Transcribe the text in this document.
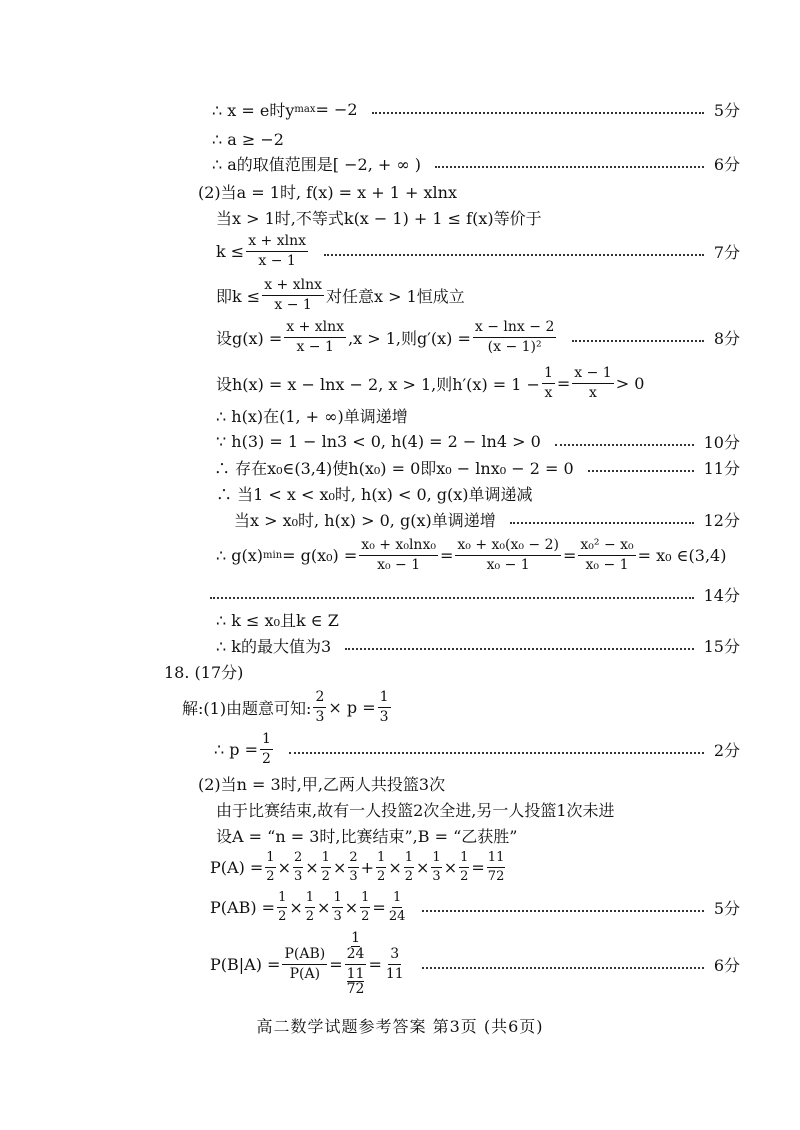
∴ x = e时y max = −2	5分
∴ a ≥ −2
∴ a的取值范围是[ −2, + ∞ )	6分
(2)当a = 1时, f(x) = x + 1 + xlnx
当x > 1时,不等式k(x − 1) + 1 ≤ f(x)等价于
$k \le \frac{x + xlnx}{x - 1}$	7分
即$k \le \frac{x + xlnx}{x - 1}$ 对任意x > 1恒成立
设$g(x) = \frac{x + xlnx}{x - 1} ,x > 1$,则$g'(x) = \frac{x - \ln x - 2}{\text{(x − 1)²}}$	8分
设h(x) = x − lnx − 2, x > 1,则$h'(x) = 1 - \frac{1}{x} = \frac{x - 1}{x} > 0$
∴ h(x)在(1, + ∞)单调递增
∵ h(3) = 1 − ln3 < 0, h(4) = 2 − ln4 > 0	10分
∴ 存在x₀∈(3,4)使h(x₀) = 0即x₀ − lnx₀ − 2 = 0	11分
∴ 当1 < x < x₀时, h(x) < 0, g(x)单调递减
当x > x₀时, h(x) > 0, g(x)单调递增	12分
∴ g(x) $\min = g(x_0) = \frac{\text{x₀ + x₀lnx₀}}{\text{x₀ − 1}} = \frac{\text{x₀ + x₀(x₀ − 2)}}{\text{x₀ − 1}} = \frac{\text{x₀² − x₀}}{\text{x₀ − 1}} = x_0$ ∈(3,4)
14分
∴ k ≤ x₀且k ∈ Z
∴ k的最大值为3	15分
18. (17分)
解:(1)由题意可知: $\frac{2}{3} \times p = \frac{1}{3}$
∴ $p = \frac{1}{2}$	2分
(2)当n = 3时,甲,乙两人共投篮3次
由于比赛结束,故有一人投篮2次全进,另一人投篮1次未进
设A = “n = 3时,比赛结束”,B = “乙获胜”
$P(A) = \frac{1}{2} \times \frac{2}{3} \times \frac{1}{2} \times \frac{2}{3} + \frac{1}{2} \times \frac{1}{2} \times \frac{1}{3} \times \frac{1}{2} = \frac{11}{72}$
$P(AB) = \frac{1}{2} \times \frac{1}{2} \times \frac{1}{3} \times \frac{1}{2} = \frac{1}{24}$	5分
$P(B|A) = \frac{P(AB)}{P(A)} = 1$
24
11
$72 = \frac{3}{11}$	6分
高二数学试题参考答案 第3页 (共6页)
